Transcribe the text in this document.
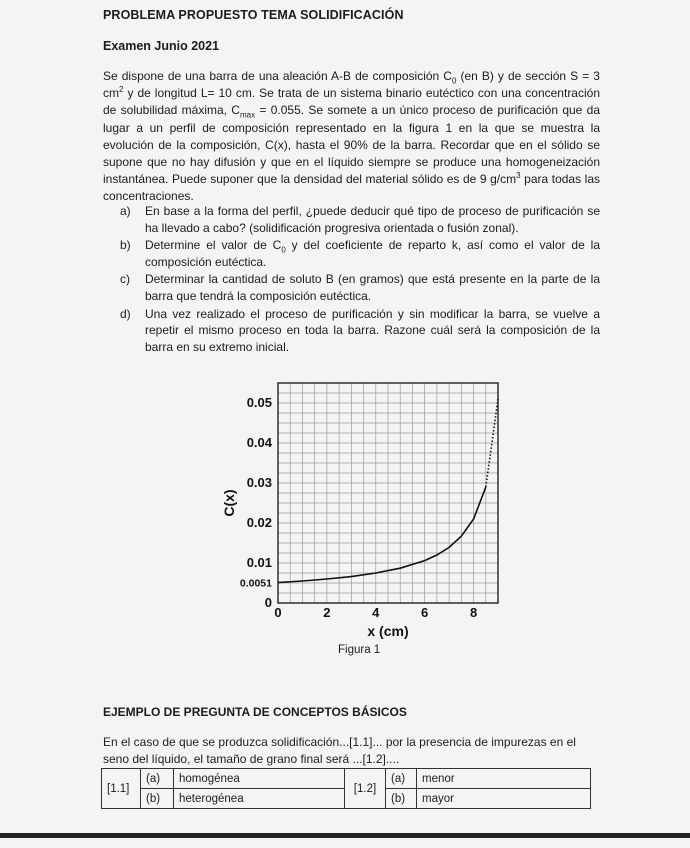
PROBLEMA PROPUESTO TEMA SOLIDIFICACIÓN
Examen Junio 2021
Se dispone de una barra de una aleación A-B de composición $C_0$ (en B) y de sección S = 3 $cm^2$ y de longitud L= 10 cm. Se trata de un sistema binario eutéctico con una concentración de solubilidad máxima, $C_{max} = 0.055$. Se somete a un único proceso de purificación que da lugar a un perfil de composición representado en la figura 1 en la que se muestra la evolución de la composición, C(x), hasta el 90% de la barra. Recordar que en el sólido se supone que no hay difusión y que en el líquido siempre se produce una homogeneización instantánea. Puede suponer que la densidad del material sólido es de 9 $g/cm^3$ para todas las concentraciones.
a)	En base a la forma del perfil, ¿puede deducir qué tipo de proceso de purificación se ha llevado a cabo? (solidificación progresiva orientada o fusión zonal).
b)	Determine el valor de $C_0$ y del coeficiente de reparto k, así como el valor de la composición eutéctica.
c)	Determinar la cantidad de soluto B (en gramos) que está presente en la parte de la barra que tendrá la composición eutéctica.
d)	Una vez realizado el proceso de purificación y sin modificar la barra, se vuelve a repetir el mismo proceso en toda la barra. Razone cuál será la composición de la barra en su extremo inicial.
0
0.0051
0.01
0.02
0.03
0.04
0.05
0	2	4	6	8
x (cm)
C(x)
Figura 1
EJEMPLO DE PREGUNTA DE CONCEPTOS BÁSICOS
En el caso de que se produzca solidificación...[1.1]... por la presencia de impurezas en el seno del líquido, el tamaño de grano final será ...[1.2]....
[1.1]	(a)	homogénea	[1.2]	(a)	menor
	(b)	heterogénea		(b)	mayor
